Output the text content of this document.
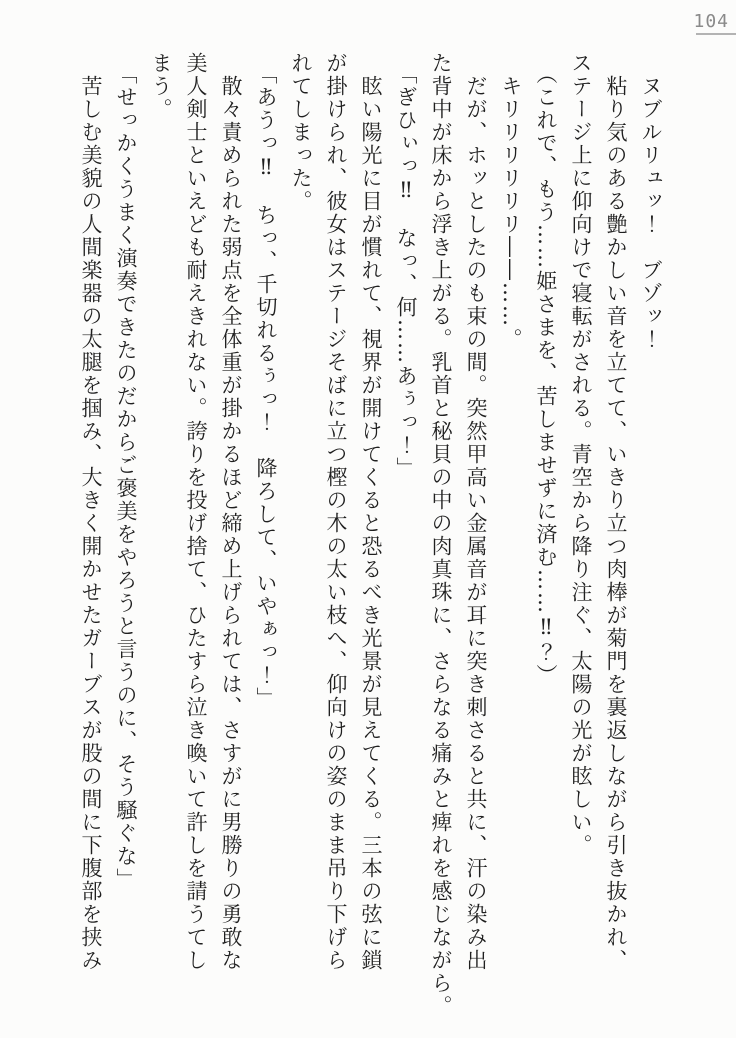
104

ヌブルリュッ！　ブゾッ！

粘り気のある艶かしい音を立てて、いきり立つ肉棒が菊門を裏返しながら引き抜かれ、

ステージ上に仰向けで寝転がされる。青空から降り注ぐ、太陽の光が眩しい。

（これで、もう……姫さまを、苦しませずに済む……‼？）

キリリリリリリ――……。

だが、ホッとしたのも束の間。突然甲高い金属音が耳に突き刺さると共に、汗の染み出

た背中が床から浮き上がる。乳首と秘貝の中の肉真珠に、さらなる痛みと痺れを感じながら。

「ぎひぃっ‼　なっ、何……あぅっ！」

眩い陽光に目が慣れて、視界が開けてくると恐るべき光景が見えてくる。三本の弦に鎖

が掛けられ、彼女はステージそばに立つ樫の木の太い枝へ、仰向けの姿のまま吊り下げら

れてしまった。

「あうっ‼　ちっ、千切れるぅっ！　降ろして、いやぁっ！」

散々責められた弱点を全体重が掛かるほど締め上げられては、さすがに男勝りの勇敢な

美人剣士といえども耐えきれない。誇りを投げ捨て、ひたすら泣き喚いて許しを請うてし

まう。

「せっかくうまく演奏できたのだからご褒美をやろうと言うのに、そう騒ぐな」

苦しむ美貌の人間楽器の太腿を掴み、大きく開かせたガーブスが股の間に下腹部を挟み
